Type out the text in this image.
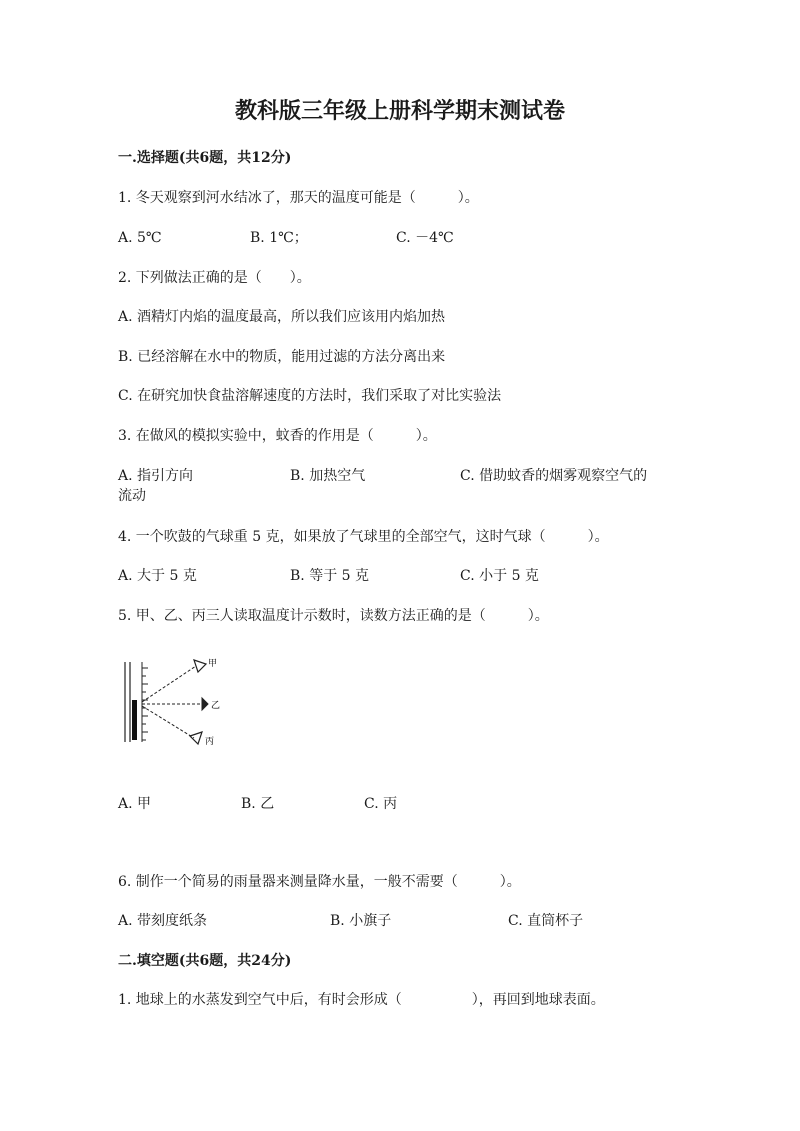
教科版三年级上册科学期末测试卷
一.选择题(共6题，共12分)
1. 冬天观察到河水结冰了，那天的温度可能是（　　　）。
A. 5℃	B. 1℃；	C. －4℃
2. 下列做法正确的是（　　）。
A. 酒精灯内焰的温度最高，所以我们应该用内焰加热
B. 已经溶解在水中的物质，能用过滤的方法分离出来
C. 在研究加快食盐溶解速度的方法时，我们采取了对比实验法
3. 在做风的模拟实验中，蚊香的作用是（　　　）。
A. 指引方向	B. 加热空气	C. 借助蚊香的烟雾观察空气的
流动
4. 一个吹鼓的气球重 5 克，如果放了气球里的全部空气，这时气球（　　　）。
A. 大于 5 克	B. 等于 5 克	C. 小于 5 克
5. 甲、乙、丙三人读取温度计示数时，读数方法正确的是（　　　）。
甲
乙
丙
A. 甲	B. 乙	C. 丙
6. 制作一个简易的雨量器来测量降水量，一般不需要（　　　）。
A. 带刻度纸条	B. 小旗子	C. 直筒杯子
二.填空题(共6题，共24分)
1. 地球上的水蒸发到空气中后，有时会形成（　　　　　），再回到地球表面。
